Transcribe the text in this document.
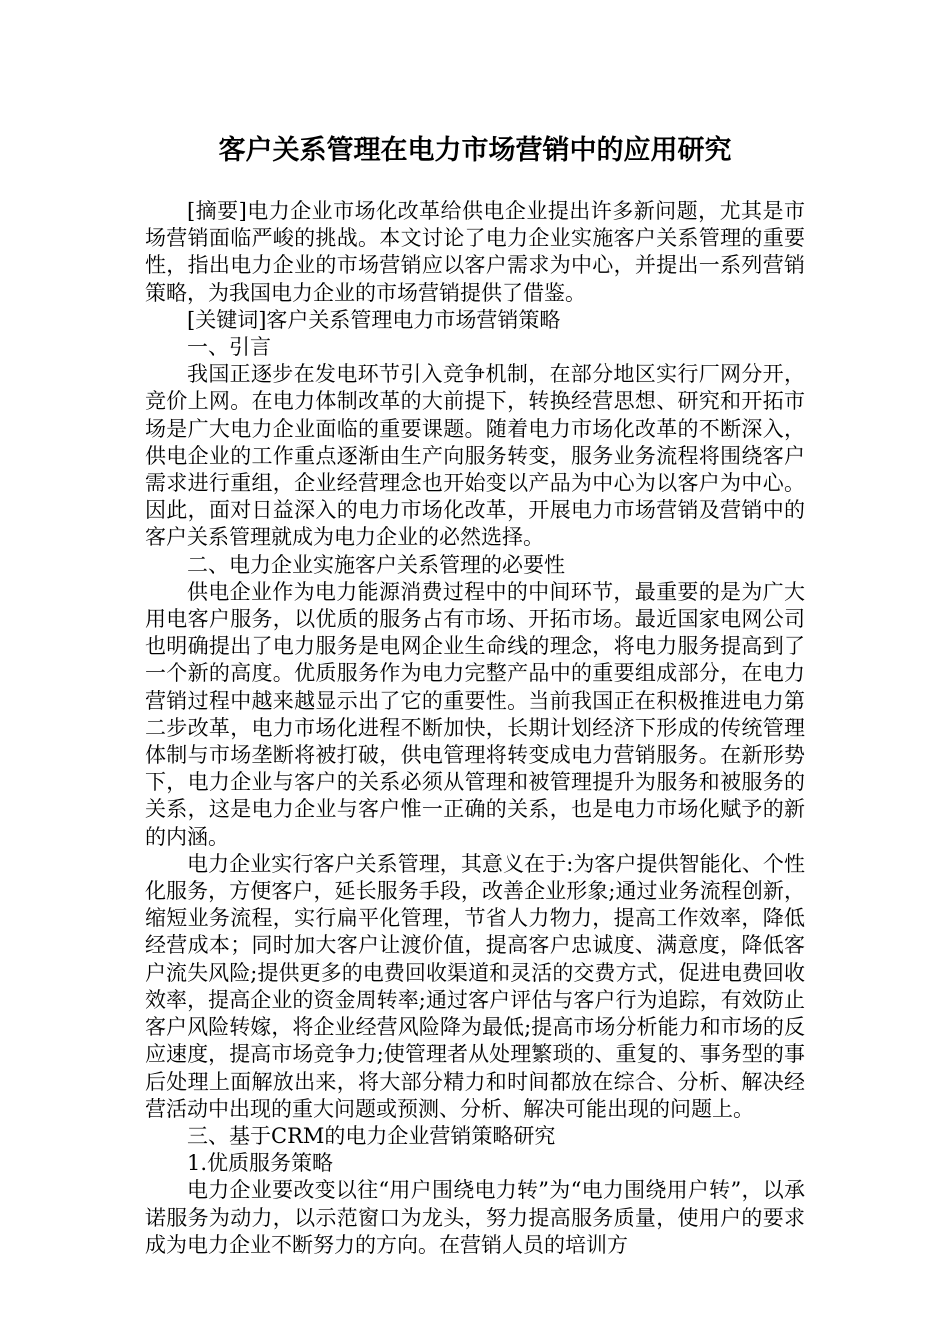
客户关系管理在电力市场营销中的应用研究

[摘要]电力企业市场化改革给供电企业提出许多新问题，尤其是市场营销面临严峻的挑战。本文讨论了电力企业实施客户关系管理的重要性，指出电力企业的市场营销应以客户需求为中心，并提出一系列营销策略，为我国电力企业的市场营销提供了借鉴。

[关键词]客户关系管理电力市场营销策略

一、引言

我国正逐步在发电环节引入竞争机制，在部分地区实行厂网分开，竞价上网。在电力体制改革的大前提下，转换经营思想、研究和开拓市场是广大电力企业面临的重要课题。随着电力市场化改革的不断深入，供电企业的工作重点逐渐由生产向服务转变，服务业务流程将围绕客户需求进行重组，企业经营理念也开始变以产品为中心为以客户为中心。因此，面对日益深入的电力市场化改革，开展电力市场营销及营销中的客户关系管理就成为电力企业的必然选择。

二、电力企业实施客户关系管理的必要性

供电企业作为电力能源消费过程中的中间环节，最重要的是为广大用电客户服务，以优质的服务占有市场、开拓市场。最近国家电网公司也明确提出了电力服务是电网企业生命线的理念，将电力服务提高到了一个新的高度。优质服务作为电力完整产品中的重要组成部分，在电力营销过程中越来越显示出了它的重要性。当前我国正在积极推进电力第二步改革，电力市场化进程不断加快，长期计划经济下形成的传统管理体制与市场垄断将被打破，供电管理将转变成电力营销服务。在新形势下，电力企业与客户的关系必须从管理和被管理提升为服务和被服务的关系，这是电力企业与客户惟一正确的关系，也是电力市场化赋予的新的内涵。

电力企业实行客户关系管理，其意义在于:为客户提供智能化、个性化服务，方便客户，延长服务手段，改善企业形象;通过业务流程创新，缩短业务流程，实行扁平化管理，节省人力物力，提高工作效率，降低经营成本；同时加大客户让渡价值，提高客户忠诚度、满意度，降低客户流失风险;提供更多的电费回收渠道和灵活的交费方式，促进电费回收效率，提高企业的资金周转率;通过客户评估与客户行为追踪，有效防止客户风险转嫁，将企业经营风险降为最低;提高市场分析能力和市场的反应速度，提高市场竞争力;使管理者从处理繁琐的、重复的、事务型的事后处理上面解放出来，将大部分精力和时间都放在综合、分析、解决经营活动中出现的重大问题或预测、分析、解决可能出现的问题上。

三、基于CRM的电力企业营销策略研究

1.优质服务策略

电力企业要改变以往“用户围绕电力转”为“电力围绕用户转”，以承诺服务为动力，以示范窗口为龙头，努力提高服务质量，使用户的要求成为电力企业不断努力的方向。在营销人员的培训方
